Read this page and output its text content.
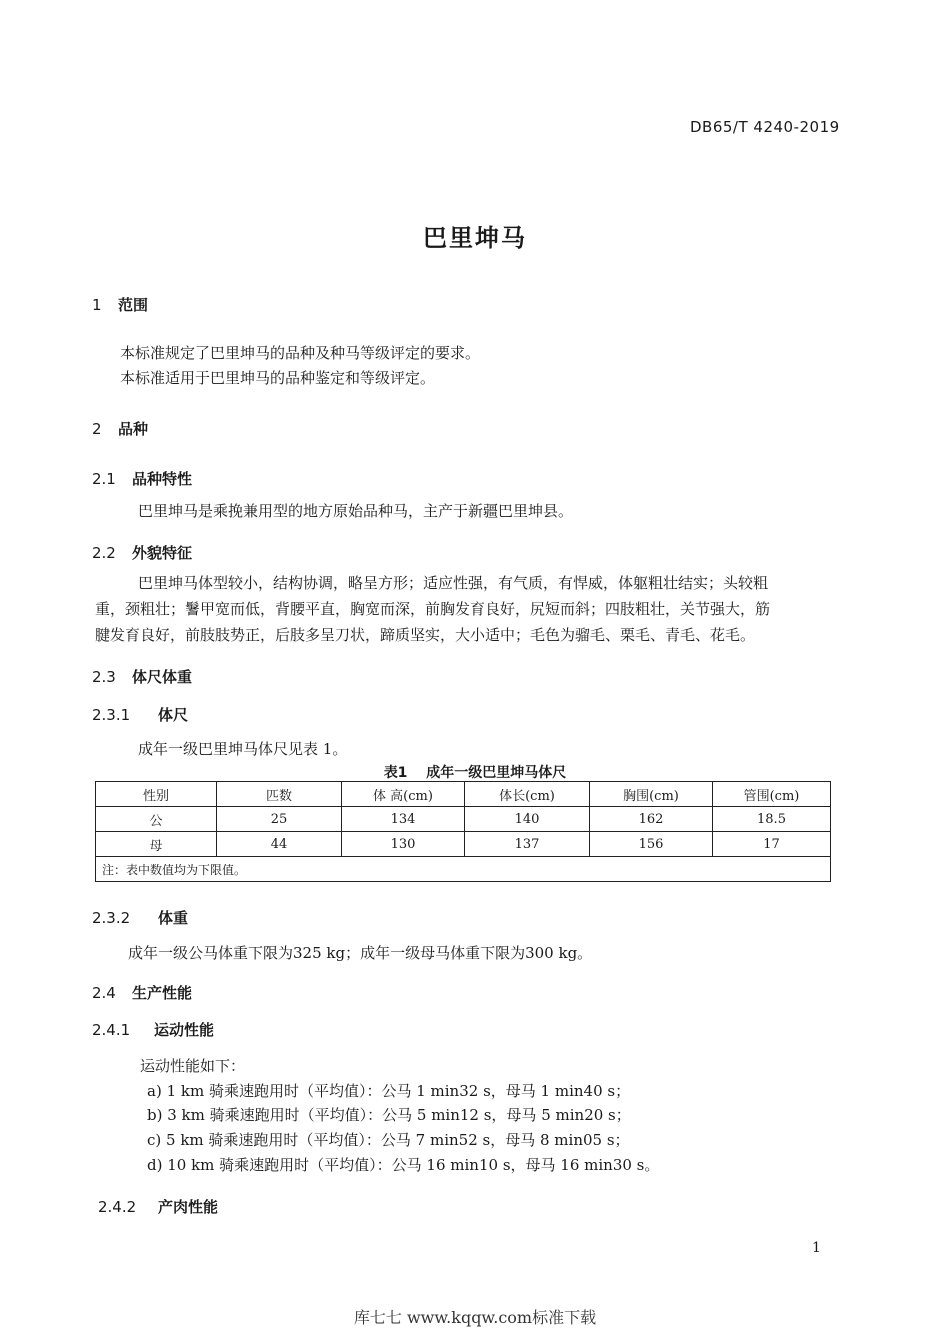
DB65/T 4240-2019
巴里坤马
1 范围
本标准规定了巴里坤马的品种及种马等级评定的要求。
本标准适用于巴里坤马的品种鉴定和等级评定。
2 品种
2.1 品种特性
巴里坤马是乘挽兼用型的地方原始品种马，主产于新疆巴里坤县。
2.2 外貌特征
巴里坤马体型较小，结构协调，略呈方形；适应性强，有气质，有悍威，体躯粗壮结实；头较粗
重，颈粗壮；鬐甲宽而低，背腰平直，胸宽而深，前胸发育良好，尻短而斜；四肢粗壮，关节强大，筋
腱发育良好，前肢肢势正，后肢多呈刀状，蹄质坚实，大小适中；毛色为骝毛、栗毛、青毛、花毛。
2.3 体尺体重
2.3.1 体尺
成年一级巴里坤马体尺见表 1。
表1　 成年一级巴里坤马体尺
性别	匹数	体 高(cm)	体长(cm)	胸围(cm)	管围(cm)
公	25	134	140	162	18.5
母	44	130	137	156	17
注：表中数值均为下限值。					
2.3.2 体重
成年一级公马体重下限为325 kg；成年一级母马体重下限为300 kg。
2.4 生产性能
2.4.1 运动性能
运动性能如下：
a) 1 km 骑乘速跑用时（平均值）：公马 1 min32 s，母马 1 min40 s；
b) 3 km 骑乘速跑用时（平均值）：公马 5 min12 s，母马 5 min20 s；
c) 5 km 骑乘速跑用时（平均值）：公马 7 min52 s，母马 8 min05 s；
d) 10 km 骑乘速跑用时（平均值）：公马 16 min10 s，母马 16 min30 s。
2.4.2 产肉性能
1
库七七 www.kqqw.com标准下载
